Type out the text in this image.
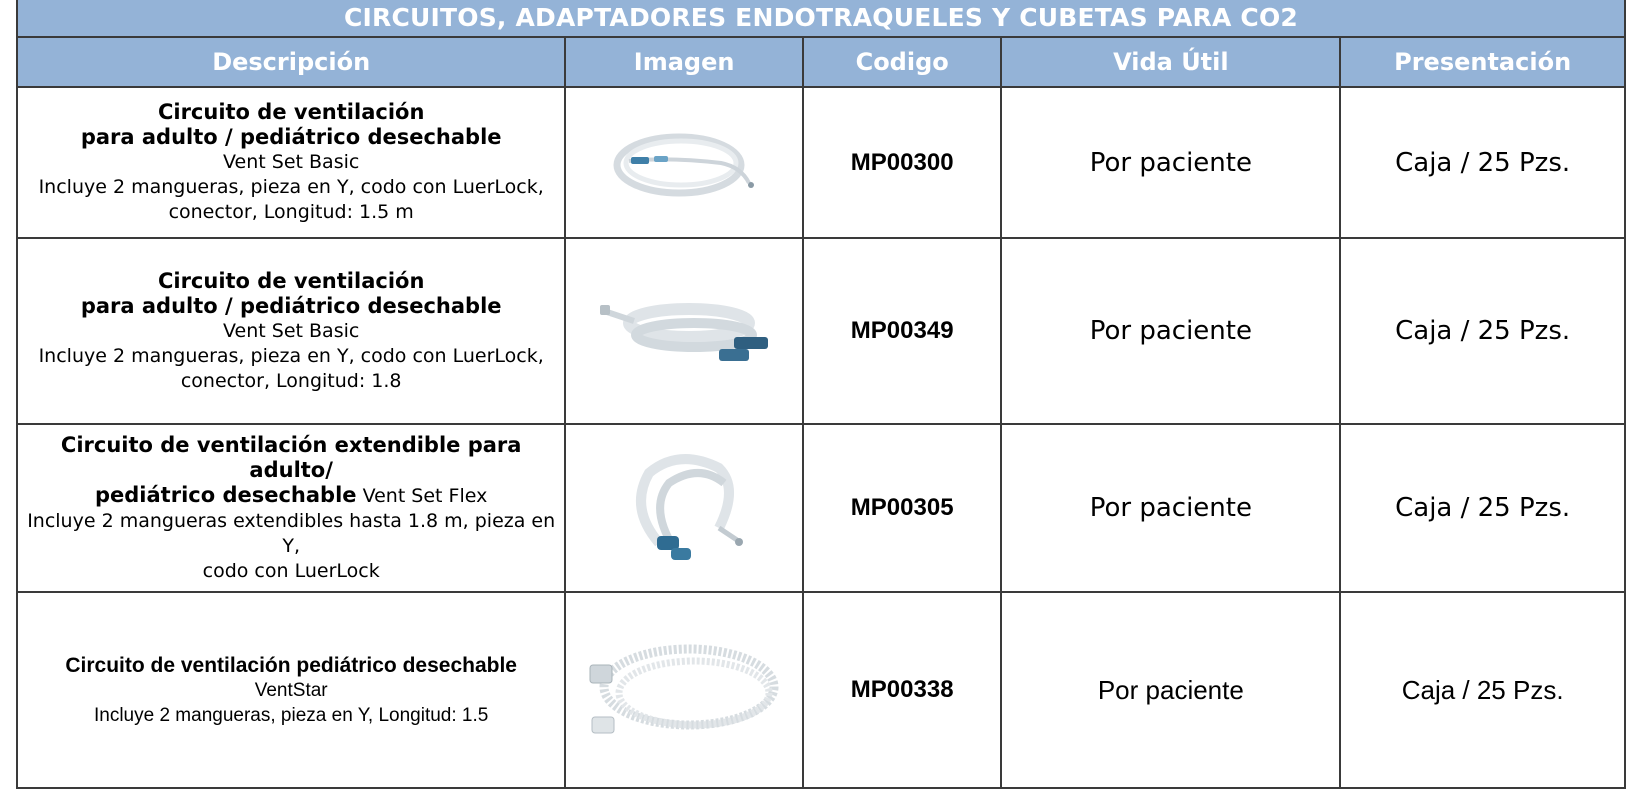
CIRCUITOS, ADAPTADORES ENDOTRAQUELES Y CUBETAS PARA CO2
Descripción	Imagen	Codigo	Vida Útil	Presentación

Circuito de ventilación
para adulto / pediátrico desechable
Vent Set Basic
Incluye 2 mangueras, pieza en Y, codo con LuerLock,
conector, Longitud: 1.5 m		MP00300	Por paciente	Caja / 25 Pzs.

Circuito de ventilación
para adulto / pediátrico desechable
Vent Set Basic
Incluye 2 mangueras, pieza en Y, codo con LuerLock,
conector, Longitud: 1.8		MP00349	Por paciente	Caja / 25 Pzs.

Circuito de ventilación extendible para adulto/
pediátrico desechable Vent Set Flex
Incluye 2 mangueras extendibles hasta 1.8 m, pieza en Y,
codo con LuerLock		MP00305	Por paciente	Caja / 25 Pzs.

Circuito de ventilación pediátrico desechable
VentStar
Incluye 2 mangueras, pieza en Y, Longitud: 1.5		MP00338	Por paciente	Caja / 25 Pzs.
